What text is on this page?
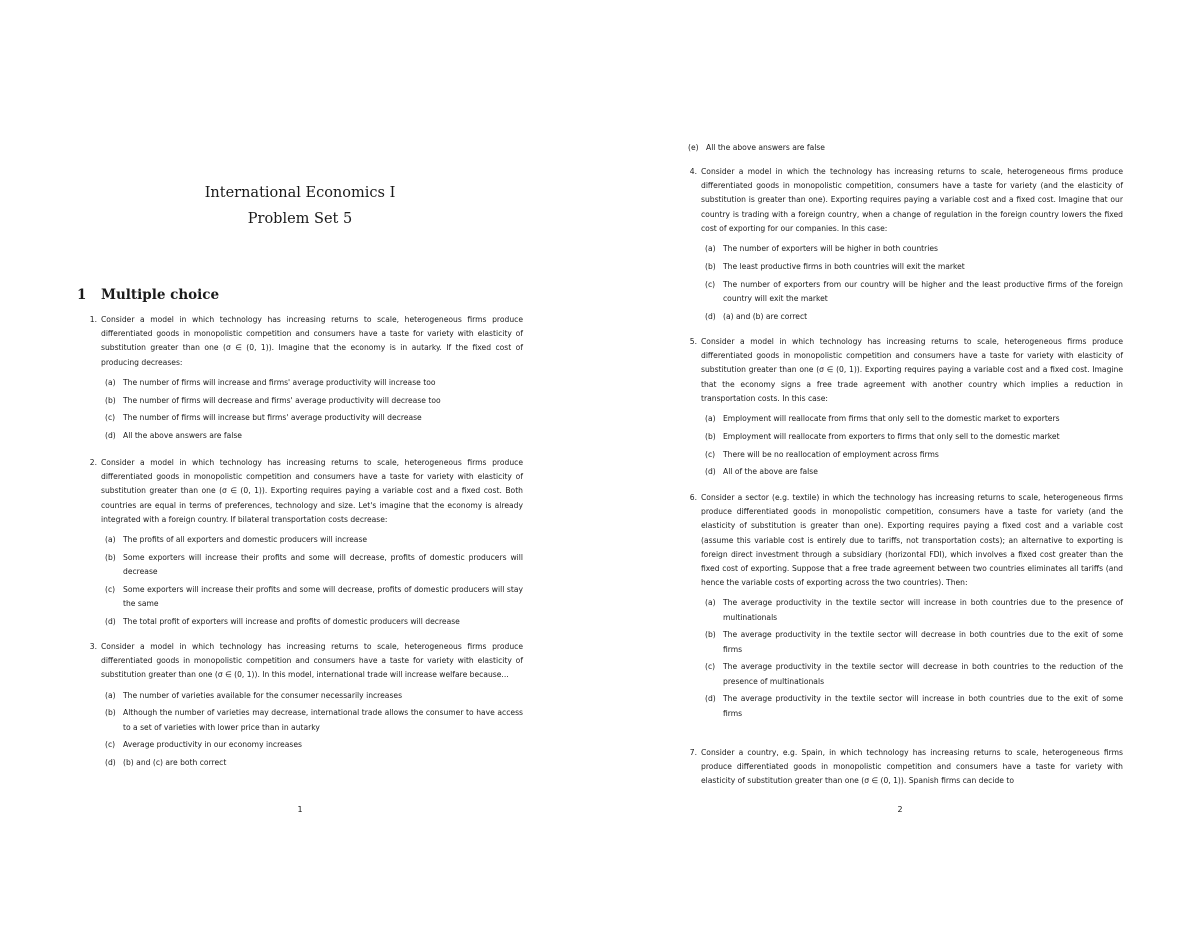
International Economics I
Problem Set 5
1 Multiple choice
1
1. Consider a model in which technology has increasing returns to scale, heterogeneous firms produce differentiated goods in monopolistic competition and consumers have a taste for variety with elasticity of substitution greater than one (σ ∈ (0, 1)). Imagine that the economy is in autarky. If the fixed cost of producing decreases:
(a) The number of firms will increase and firms' average productivity will increase too
(b) The number of firms will decrease and firms' average productivity will decrease too
(c) The number of firms will increase but firms' average productivity will decrease
(d) All the above answers are false
2. Consider a model in which technology has increasing returns to scale, heterogeneous firms produce differentiated goods in monopolistic competition and consumers have a taste for variety with elasticity of substitution greater than one (σ ∈ (0, 1)). Exporting requires paying a variable cost and a fixed cost. Both countries are equal in terms of preferences, technology and size. Let's imagine that the economy is already integrated with a foreign country. If bilateral transportation costs decrease:
(a) The profits of all exporters and domestic producers will increase
(b) Some exporters will increase their profits and some will decrease, profits of domestic producers will decrease
(c) Some exporters will increase their profits and some will decrease, profits of domestic producers will stay the same
(d) The total profit of exporters will increase and profits of domestic producers will decrease
3. Consider a model in which technology has increasing returns to scale, heterogeneous firms produce differentiated goods in monopolistic competition and consumers have a taste for variety with elasticity of substitution greater than one (σ ∈ (0, 1)). In this model, international trade will increase welfare because...
(a) The number of varieties available for the consumer necessarily increases
(b) Although the number of varieties may decrease, international trade allows the consumer to have access to a set of varieties with lower price than in autarky
(c) Average productivity in our economy increases
(d) (b) and (c) are both correct
2
(e) All the above answers are false
4. Consider a model in which the technology has increasing returns to scale, heterogeneous firms produce differentiated goods in monopolistic competition, consumers have a taste for variety (and the elasticity of substitution is greater than one). Exporting requires paying a variable cost and a fixed cost. Imagine that our country is trading with a foreign country, when a change of regulation in the foreign country lowers the fixed cost of exporting for our companies. In this case:
(a) The number of exporters will be higher in both countries
(b) The least productive firms in both countries will exit the market
(c) The number of exporters from our country will be higher and the least productive firms of the foreign country will exit the market
(d) (a) and (b) are correct
5. Consider a model in which technology has increasing returns to scale, heterogeneous firms produce differentiated goods in monopolistic competition and consumers have a taste for variety with elasticity of substitution greater than one (σ ∈ (0, 1)). Exporting requires paying a variable cost and a fixed cost. Imagine that the economy signs a free trade agreement with another country which implies a reduction in transportation costs. In this case:
(a) Employment will reallocate from firms that only sell to the domestic market to exporters
(b) Employment will reallocate from exporters to firms that only sell to the domestic market
(c) There will be no reallocation of employment across firms
(d) All of the above are false
6. Consider a sector (e.g. textile) in which the technology has increasing returns to scale, heterogeneous firms produce differentiated goods in monopolistic competition, consumers have a taste for variety (and the elasticity of substitution is greater than one). Exporting requires paying a fixed cost and a variable cost (assume this variable cost is entirely due to tariffs, not transportation costs); an alternative to exporting is foreign direct investment through a subsidiary (horizontal FDI), which involves a fixed cost greater than the fixed cost of exporting. Suppose that a free trade agreement between two countries eliminates all tariffs (and hence the variable costs of exporting across the two countries). Then:
(a) The average productivity in the textile sector will increase in both countries due to the presence of multinationals
(b) The average productivity in the textile sector will decrease in both countries due to the exit of some firms
(c) The average productivity in the textile sector will decrease in both countries to the reduction of the presence of multinationals
(d) The average productivity in the textile sector will increase in both countries due to the exit of some firms
7. Consider a country, e.g. Spain, in which technology has increasing returns to scale, heterogeneous firms produce differentiated goods in monopolistic competition and consumers have a taste for variety with elasticity of substitution greater than one (σ ∈ (0, 1)). Spanish firms can decide to
